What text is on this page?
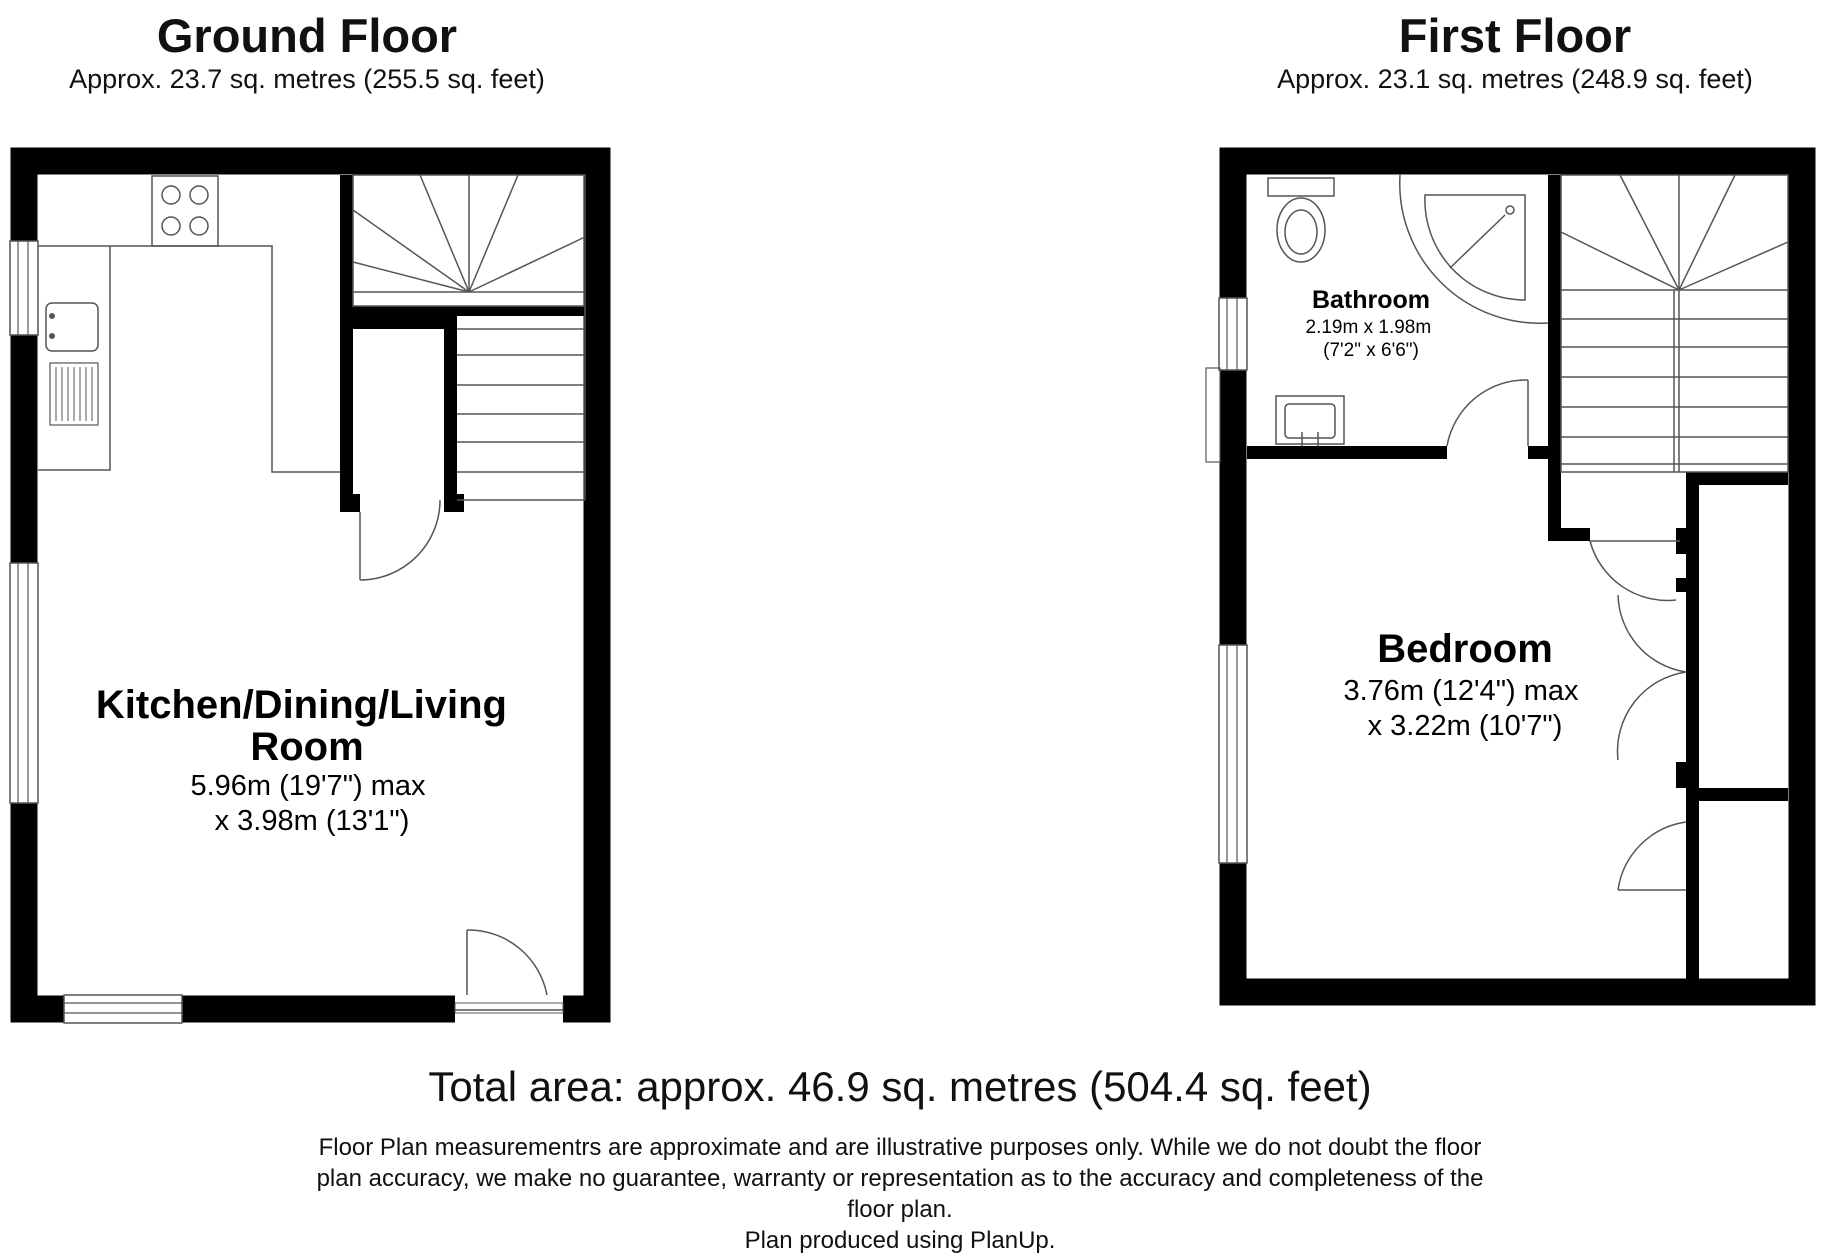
Ground Floor
Approx. 23.7 sq. metres (255.5 sq. feet)
First Floor
Approx. 23.1 sq. metres (248.9 sq. feet)
Kitchen/Dining/Living Room
5.96m (19'7") max x 3.98m (13'1")
Bathroom
2.19m x 1.98m (7'2" x 6'6")
Bedroom
3.76m (12'4") max x 3.22m (10'7")
Total area: approx. 46.9 sq. metres (504.4 sq. feet)
Floor Plan measurementrs are approximate and are illustrative purposes only. While we do not doubt the floor
plan accuracy, we make no guarantee, warranty or representation as to the accuracy and completeness of the
floor plan.
Plan produced using PlanUp.
